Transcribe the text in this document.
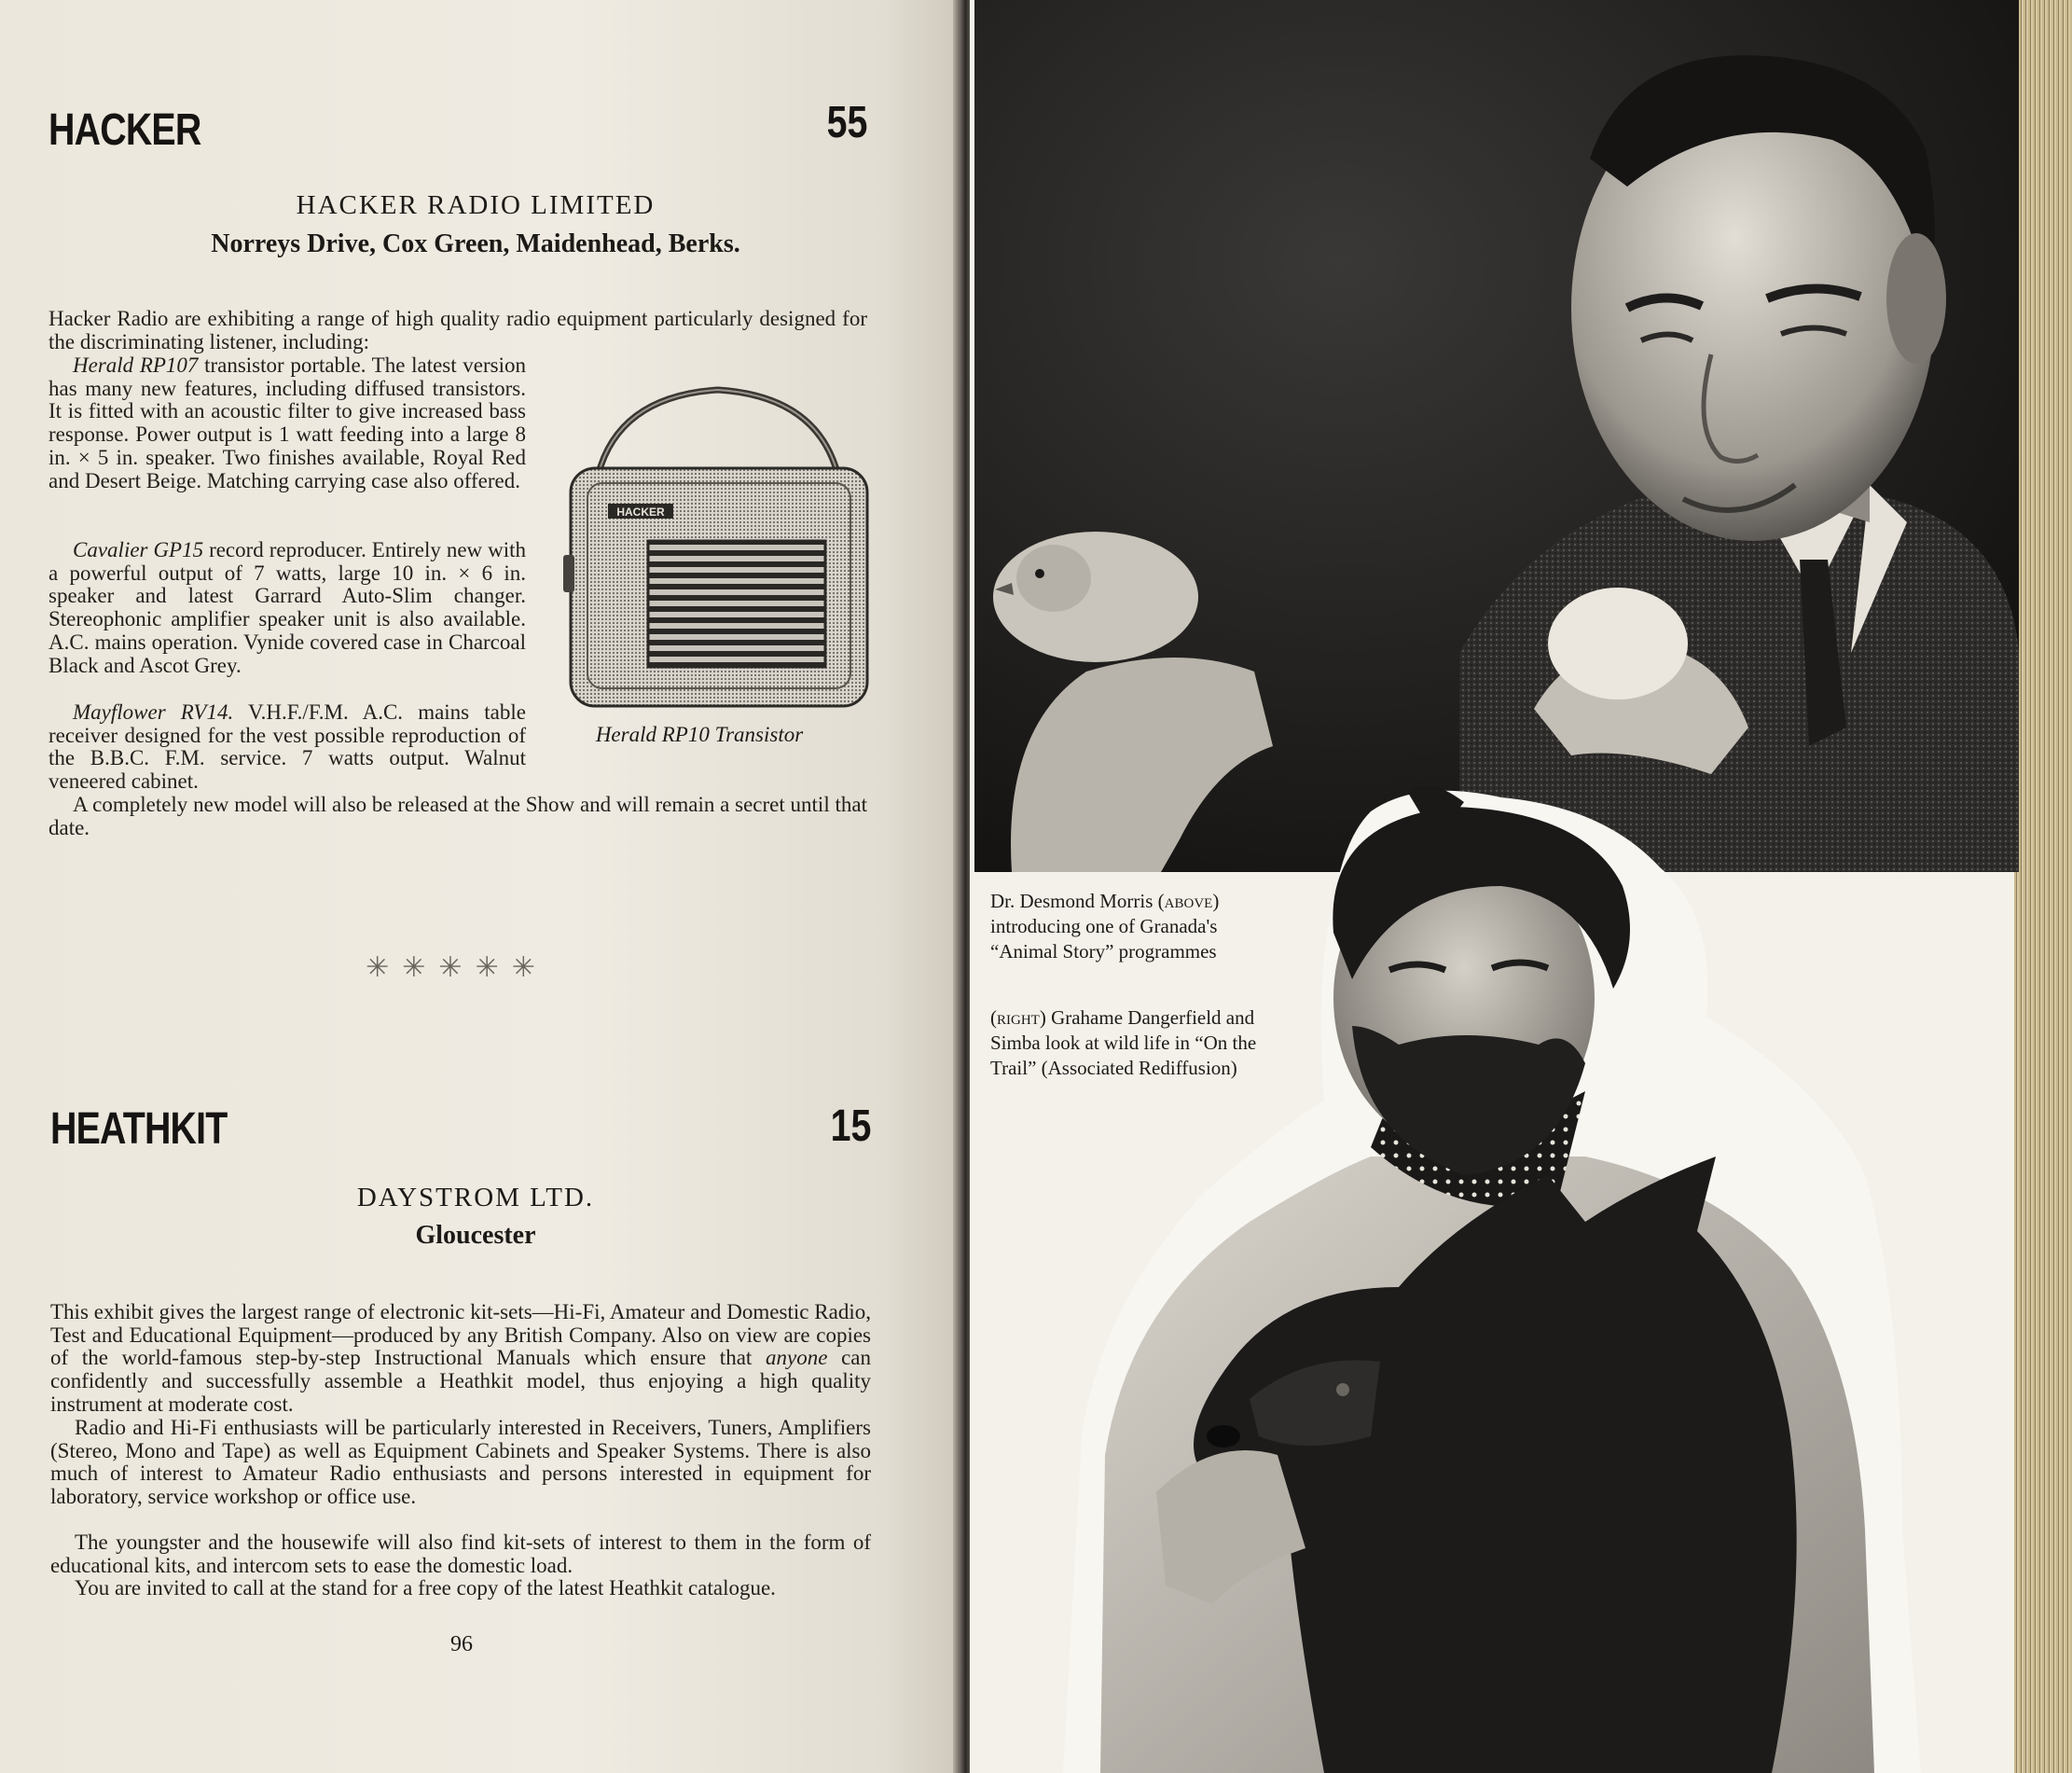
HACKER	55
HACKER RADIO LIMITED
Norreys Drive, Cox Green, Maidenhead, Berks.

Hacker Radio are exhibiting a range of high quality radio equipment particularly designed for the discriminating listener, including:

Herald RP107 transistor portable. The latest version has many new features, including diffused transistors. It is fitted with an acoustic filter to give increased bass response. Power output is 1 watt feeding into a large 8 in. × 5 in. speaker. Two finishes available, Royal Red and Desert Beige. Matching carrying case also offered.

Cavalier GP15 record reproducer. Entirely new with a powerful output of 7 watts, large 10 in. × 6 in. speaker and latest Garrard Auto-Slim changer. Stereophonic amplifier speaker unit is also available. A.C. mains operation. Vynide covered case in Charcoal Black and Ascot Grey.

Mayflower RV14. V.H.F./F.M. A.C. mains table receiver designed for the vest possible reproduction of the B.B.C. F.M. service. 7 watts output. Walnut veneered cabinet.

A completely new model will also be released at the Show and will remain a secret until that date.

HACKER
Herald RP10 Transistor
✳✳✳✳✳
HEATHKIT	15
DAYSTROM LTD.
Gloucester

This exhibit gives the largest range of electronic kit-sets—Hi-Fi, Amateur and Domestic Radio, Test and Educational Equipment—produced by any British Company. Also on view are copies of the world-famous step-by-step Instructional Manuals which ensure that anyone can confidently and successfully assemble a Heathkit model, thus enjoying a high quality instrument at moderate cost.

Radio and Hi-Fi enthusiasts will be particularly interested in Receivers, Tuners, Amplifiers (Stereo, Mono and Tape) as well as Equipment Cabinets and Speaker Systems. There is also much of interest to Amateur Radio enthusiasts and persons interested in equipment for laboratory, service workshop or office use.

The youngster and the housewife will also find kit-sets of interest to them in the form of educational kits, and intercom sets to ease the domestic load.

You are invited to call at the stand for a free copy of the latest Heathkit catalogue.

96
Dr. Desmond Morris (above)
introducing one of Granada's
“Animal Story” programmes
(right) Grahame Dangerfield and
Simba look at wild life in “On the
Trail” (Associated Rediffusion)
